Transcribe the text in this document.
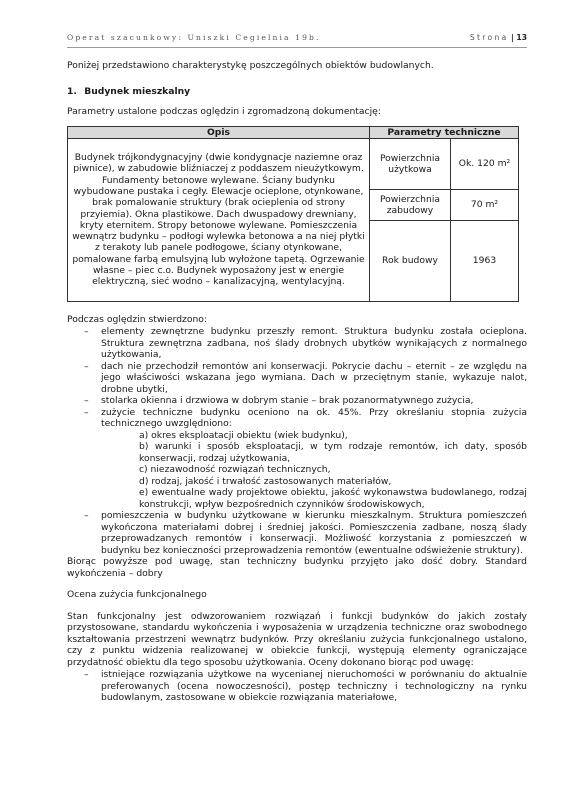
Operat szacunkowy: Uniszki Cegielnia 19b.	Strona | 13

Poniżej przedstawiono charakterystykę poszczególnych obiektów budowlanych.

1. Budynek mieszkalny

Parametry ustalone podczas oględzin i zgromadzoną dokumentację:

Opis	Parametry techniczne	
Budynek trójkondygnacyjny (dwie kondygnacje naziemne oraz piwnice), w zabudowie bliźniaczej z poddaszem nieużytkowym. Fundamenty betonowe wylewane. Ściany budynku wybudowane pustaka i cegły. Elewacje ocieplone, otynkowane, brak pomalowanie struktury (brak ocieplenia od strony przyiemia). Okna plastikowe. Dach dwuspadowy drewniany, kryty eternitem. Stropy betonowe wylewane. Pomieszczenia wewnątrz budynku – podłogi wylewka betonowa a na niej płytki z terakoty lub panele podłogowe, ściany otynkowane, pomalowane farbą emulsyjną lub wyłożone tapetą. Ogrzewanie własne – piec c.o. Budynek wyposażony jest w energie elektryczną, sieć wodno – kanalizacyjną, wentylacyjną.	Powierzchnia użytkowa	Ok. 120 m²
	Powierzchnia zabudowy	70 m²
	Rok budowy	1963

Podczas oględzin stwierdzono:

– elementy zewnętrzne budynku przeszły remont. Struktura budynku została ocieplona. Struktura zewnętrzna zadbana, noś ślady drobnych ubytków wynikających z normalnego użytkowania,
– dach nie przechodził remontów ani konserwacji. Pokrycie dachu – eternit – ze względu na jego właściwości wskazana jego wymiana. Dach w przeciętnym stanie, wykazuje nalot, drobne ubytki,
– stolarka okienna i drzwiowa w dobrym stanie – brak pozanormatywnego zużycia,
– zużycie techniczne budynku oceniono na ok. 45%. Przy określaniu stopnia zużycia technicznego uwzględniono:
a) okres eksploatacji obiektu (wiek budynku),
b) warunki i sposób eksploatacji, w tym rodzaje remontów, ich daty, sposób konserwacji, rodzaj użytkowania,
c) niezawodność rozwiązań technicznych,
d) rodzaj, jakość i trwałość zastosowanych materiałów,
e) ewentualne wady projektowe obiektu, jakość wykonawstwa budowlanego, rodzaj konstrukcji, wpływ bezpośrednich czynników środowiskowych,
– pomieszczenia w budynku użytkowane w kierunku mieszkalnym. Struktura pomieszczeń wykończona materiałami dobrej i średniej jakości. Pomieszczenia zadbane, noszą ślady przeprowadzanych remontów i konserwacji. Możliwość korzystania z pomieszczeń w budynku bez konieczności przeprowadzenia remontów (ewentualne odświeżenie struktury).

Biorąc powyższe pod uwagę, stan techniczny budynku przyjęto jako dość dobry. Standard wykończenia – dobry

Ocena zużycia funkcjonalnego

Stan funkcjonalny jest odwzorowaniem rozwiązań i funkcji budynków do jakich zostały przystosowane, standardu wykończenia i wyposażenia w urządzenia techniczne oraz swobodnego kształtowania przestrzeni wewnątrz budynków. Przy określaniu zużycia funkcjonalnego ustalono, czy z punktu widzenia realizowanej w obiekcie funkcji, występują elementy ograniczające przydatność obiektu dla tego sposobu użytkowania. Oceny dokonano biorąc pod uwagę:

– istniejące rozwiązania użytkowe na wycenianej nieruchomości w porównaniu do aktualnie preferowanych (ocena nowoczesności), postęp techniczny i technologiczny na rynku budowlanym, zastosowane w obiekcie rozwiązania materiałowe,
